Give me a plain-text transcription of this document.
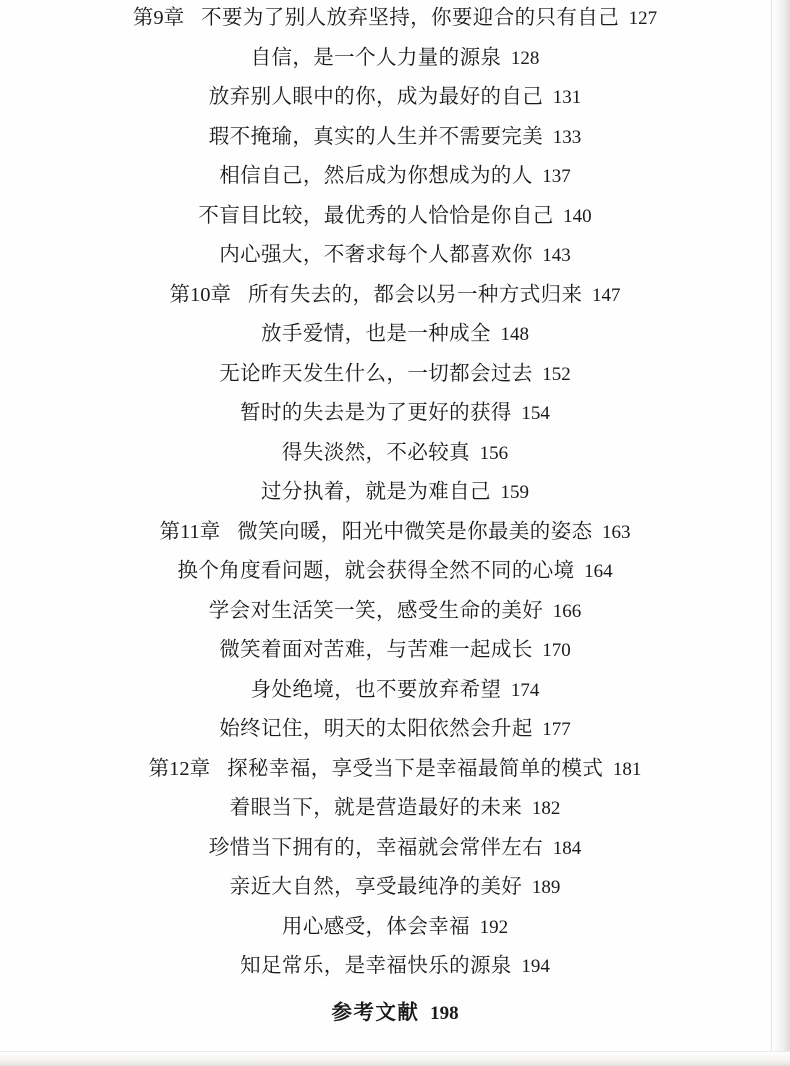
第9章 不要为了别人放弃坚持，你要迎合的只有自己 127
自信，是一个人力量的源泉 128
放弃别人眼中的你，成为最好的自己 131
瑕不掩瑜，真实的人生并不需要完美 133
相信自己，然后成为你想成为的人 137
不盲目比较，最优秀的人恰恰是你自己 140
内心强大，不奢求每个人都喜欢你 143
第10章 所有失去的，都会以另一种方式归来 147
放手爱情，也是一种成全 148
无论昨天发生什么，一切都会过去 152
暂时的失去是为了更好的获得 154
得失淡然，不必较真 156
过分执着，就是为难自己 159
第11章 微笑向暖，阳光中微笑是你最美的姿态 163
换个角度看问题，就会获得全然不同的心境 164
学会对生活笑一笑，感受生命的美好 166
微笑着面对苦难，与苦难一起成长 170
身处绝境，也不要放弃希望 174
始终记住，明天的太阳依然会升起 177
第12章 探秘幸福，享受当下是幸福最简单的模式 181
着眼当下，就是营造最好的未来 182
珍惜当下拥有的，幸福就会常伴左右 184
亲近大自然，享受最纯净的美好 189
用心感受，体会幸福 192
知足常乐，是幸福快乐的源泉 194
参考文献 198
